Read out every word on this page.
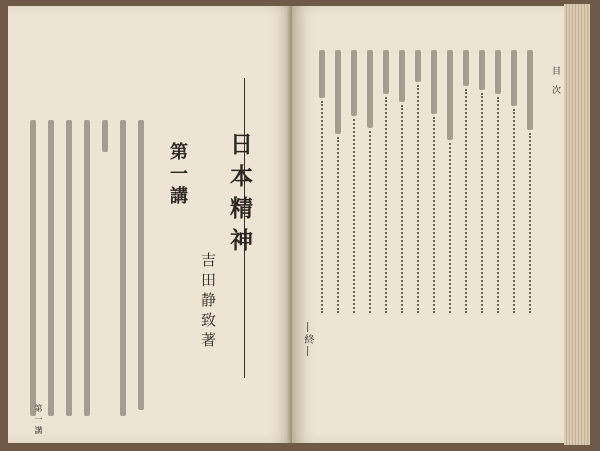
第一講 日本精神
吉田静致著
第一講
目次
―終―
